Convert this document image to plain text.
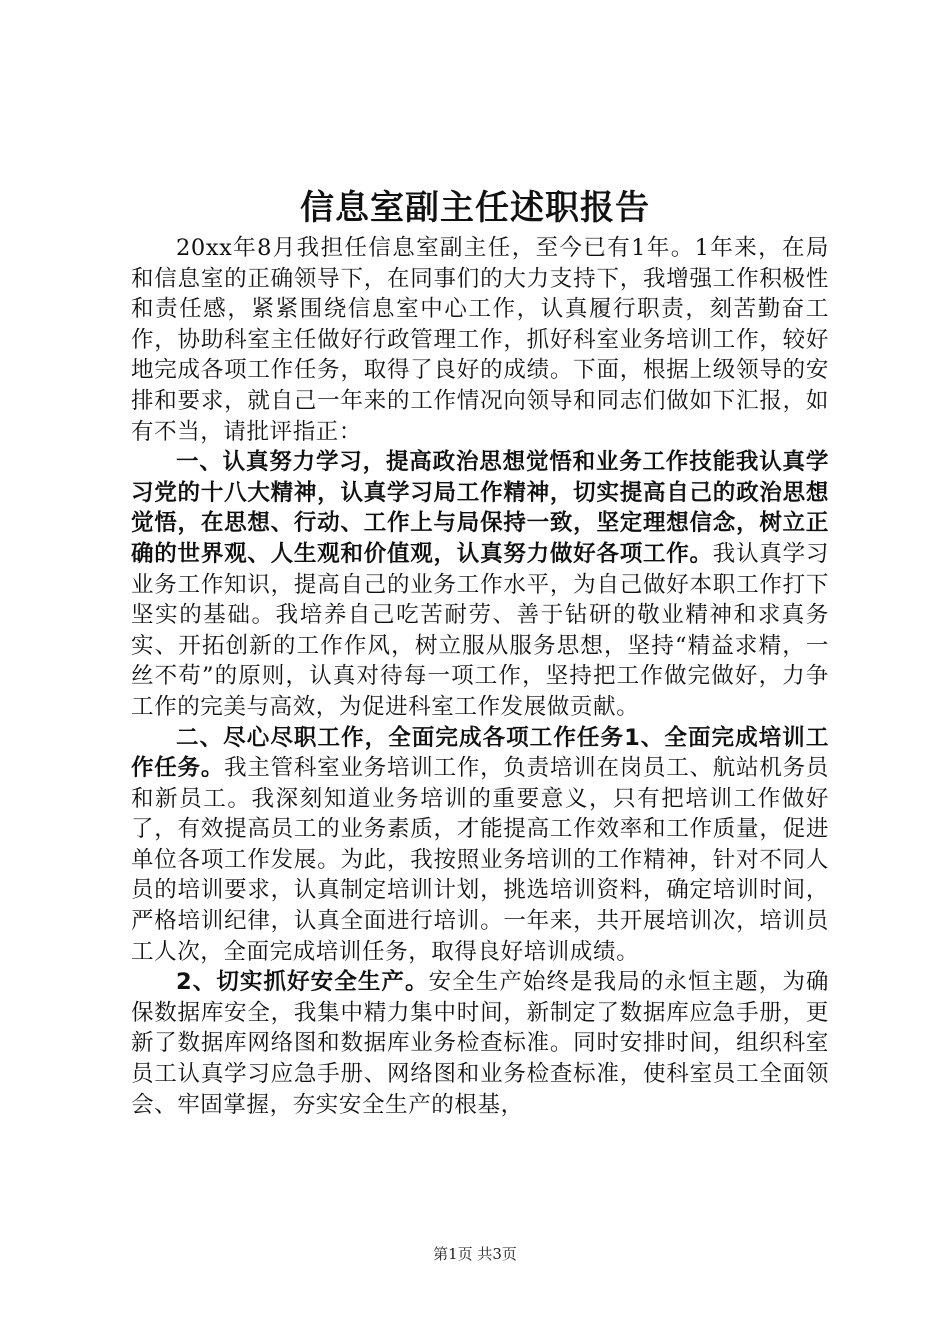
信息室副主任述职报告

20xx年8月我担任信息室副主任，至今已有1年。1年来，在局和信息室的正确领导下，在同事们的大力支持下，我增强工作积极性和责任感，紧紧围绕信息室中心工作，认真履行职责，刻苦勤奋工作，协助科室主任做好行政管理工作，抓好科室业务培训工作，较好地完成各项工作任务，取得了良好的成绩。下面，根据上级领导的安排和要求，就自己一年来的工作情况向领导和同志们做如下汇报，如有不当，请批评指正：

一、认真努力学习，提高政治思想觉悟和业务工作技能我认真学习党的十八大精神，认真学习局工作精神，切实提高自己的政治思想觉悟，在思想、行动、工作上与局保持一致，坚定理想信念，树立正确的世界观、人生观和价值观，认真努力做好各项工作。我认真学习业务工作知识，提高自己的业务工作水平，为自己做好本职工作打下坚实的基础。我培养自己吃苦耐劳、善于钻研的敬业精神和求真务实、开拓创新的工作作风，树立服从服务思想，坚持“精益求精，一丝不苟”的原则，认真对待每一项工作，坚持把工作做完做好，力争工作的完美与高效，为促进科室工作发展做贡献。

二、尽心尽职工作，全面完成各项工作任务1、全面完成培训工作任务。我主管科室业务培训工作，负责培训在岗员工、航站机务员和新员工。我深刻知道业务培训的重要意义，只有把培训工作做好了，有效提高员工的业务素质，才能提高工作效率和工作质量，促进单位各项工作发展。为此，我按照业务培训的工作精神，针对不同人员的培训要求，认真制定培训计划，挑选培训资料，确定培训时间，严格培训纪律，认真全面进行培训。一年来，共开展培训次，培训员工人次，全面完成培训任务，取得良好培训成绩。

2、切实抓好安全生产。安全生产始终是我局的永恒主题，为确保数据库安全，我集中精力集中时间，新制定了数据库应急手册，更新了数据库网络图和数据库业务检查标准。同时安排时间，组织科室员工认真学习应急手册、网络图和业务检查标准，使科室员工全面领会、牢固掌握，夯实安全生产的根基，

第1页 共3页
